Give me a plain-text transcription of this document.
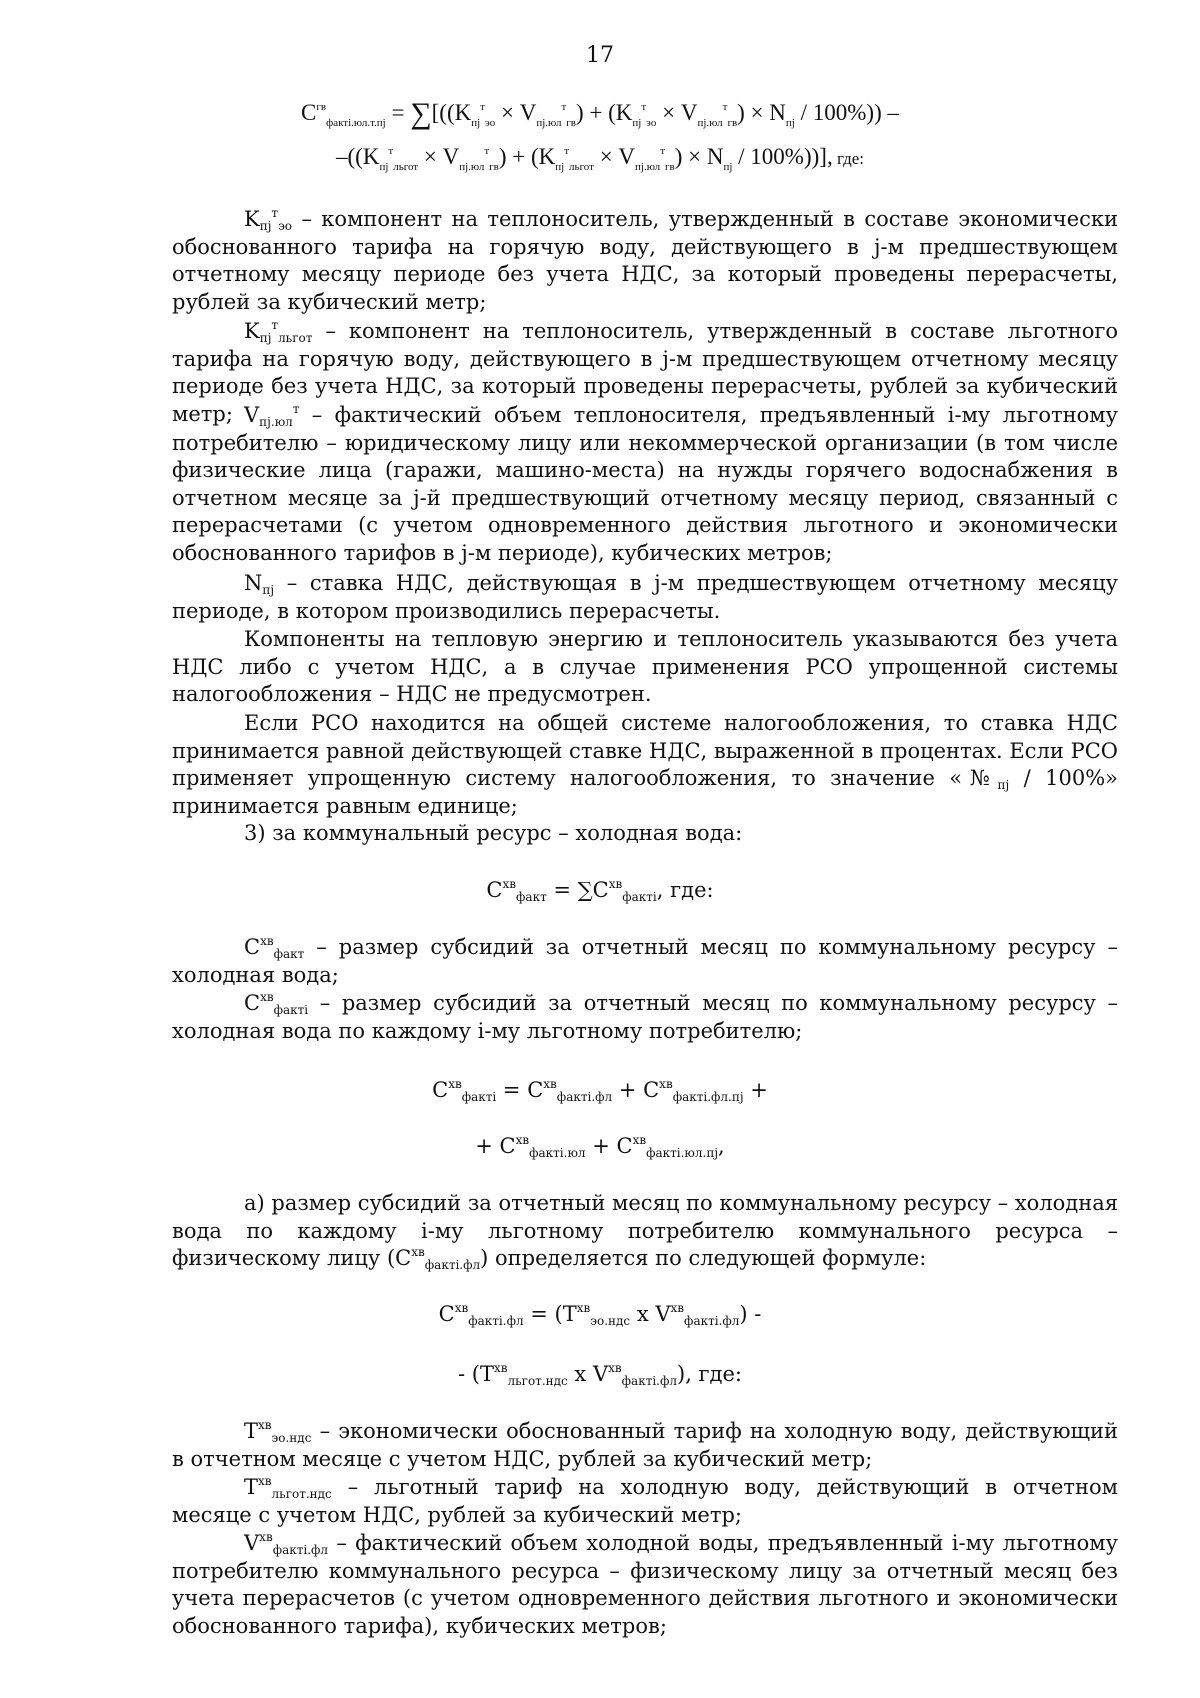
17
$C^{гв}_{факті.юл.т.пj} = \sum[((K_{пj}^т_{эо} \times V_{пj.юл}^т_{гв}) + (K_{пj}^т_{эо} \times V_{пj.юл}^т_{гв}) \times N_{пj} / 100\%))$ –
$-((K_{пj}^т_{льгот} \times V_{пj.юл}^т_{гв}) + (K_{пj}^т_{льгот} \times V_{пj.юл}^т_{гв}) \times N_{пj} / 100\%)$)], где:

$K_{пj}^т_{эо}$ – компонент на теплоноситель, утвержденный в составе экономически обоснованного тарифа на горячую воду, действующего в j-м предшествующем отчетному месяцу периоде без учета НДС, за который проведены перерасчеты, рублей за кубический метр;

$K_{пj}^т_{льгот}$ – компонент на теплоноситель, утвержденный в составе льготного тарифа на горячую воду, действующего в j-м предшествующем отчетному месяцу периоде без учета НДС, за который проведены перерасчеты, рублей за кубический метр; $V_{пj.юл}^т$ – фактический объем теплоносителя, предъявленный i-му льготному потребителю – юридическому лицу или некоммерческой организации (в том числе физические лица (гаражи, машино-места) на нужды горячего водоснабжения в отчетном месяце за j-й предшествующий отчетному месяцу период, связанный с перерасчетами (с учетом одновременного действия льготного и экономически обоснованного тарифов в j-м периоде), кубических метров;

$N_{пj}$ – ставка НДС, действующая в j-м предшествующем отчетному месяцу периоде, в котором производились перерасчеты.

Компоненты на тепловую энергию и теплоноситель указываются без учета НДС либо с учетом НДС, а в случае применения РСО упрощенной системы налогообложения – НДС не предусмотрен.

Если РСО находится на общей системе налогообложения, то ставка НДС принимается равной действующей ставке НДС, выраженной в процентах. Если РСО применяет упрощенную систему налогообложения, то значение «$№_{пj} / 100\%$» принимается равным единице;

3) за коммунальный ресурс – холодная вода:

$C^{хв}_{факт} = \sum C^{хв}_{факті}$, где:

$C^{хв}_{факт}$ – размер субсидий за отчетный месяц по коммунальному ресурсу – холодная вода;

$C^{хв}_{факті}$ – размер субсидий за отчетный месяц по коммунальному ресурсу – холодная вода по каждому i-му льготному потребителю;

$C^{хв}_{факті} = C^{хв}_{факті.фл} + C^{хв}_{факті.фл.пj}$ +

+ $C^{хв}_{факті.юл} + C^{хв}_{факті.юл.пj}$,

а) размер субсидий за отчетный месяц по коммунальному ресурсу – холодная вода по каждому i-му льготному потребителю коммунального ресурса – физическому лицу $(C^{хв}_{факті.фл})$ определяется по следующей формуле:

$C^{хв}_{факті.фл} = (T^{хв}_{эо.ндс}$ x $V^{хв}_{факті.фл}$) -

- ($T^{хв}_{льгот.ндс}$ x $V^{хв}_{факті.фл}$), где:

$T^{хв}_{эо.ндс}$ – экономически обоснованный тариф на холодную воду, действующий в отчетном месяце с учетом НДС, рублей за кубический метр;

$T^{хв}_{льгот.ндс}$ – льготный тариф на холодную воду, действующий в отчетном месяце с учетом НДС, рублей за кубический метр;

$V^{хв}_{факті.фл}$ – фактический объем холодной воды, предъявленный i-му льготному потребителю коммунального ресурса – физическому лицу за отчетный месяц без учета перерасчетов (с учетом одновременного действия льготного и экономически обоснованного тарифа), кубических метров;
